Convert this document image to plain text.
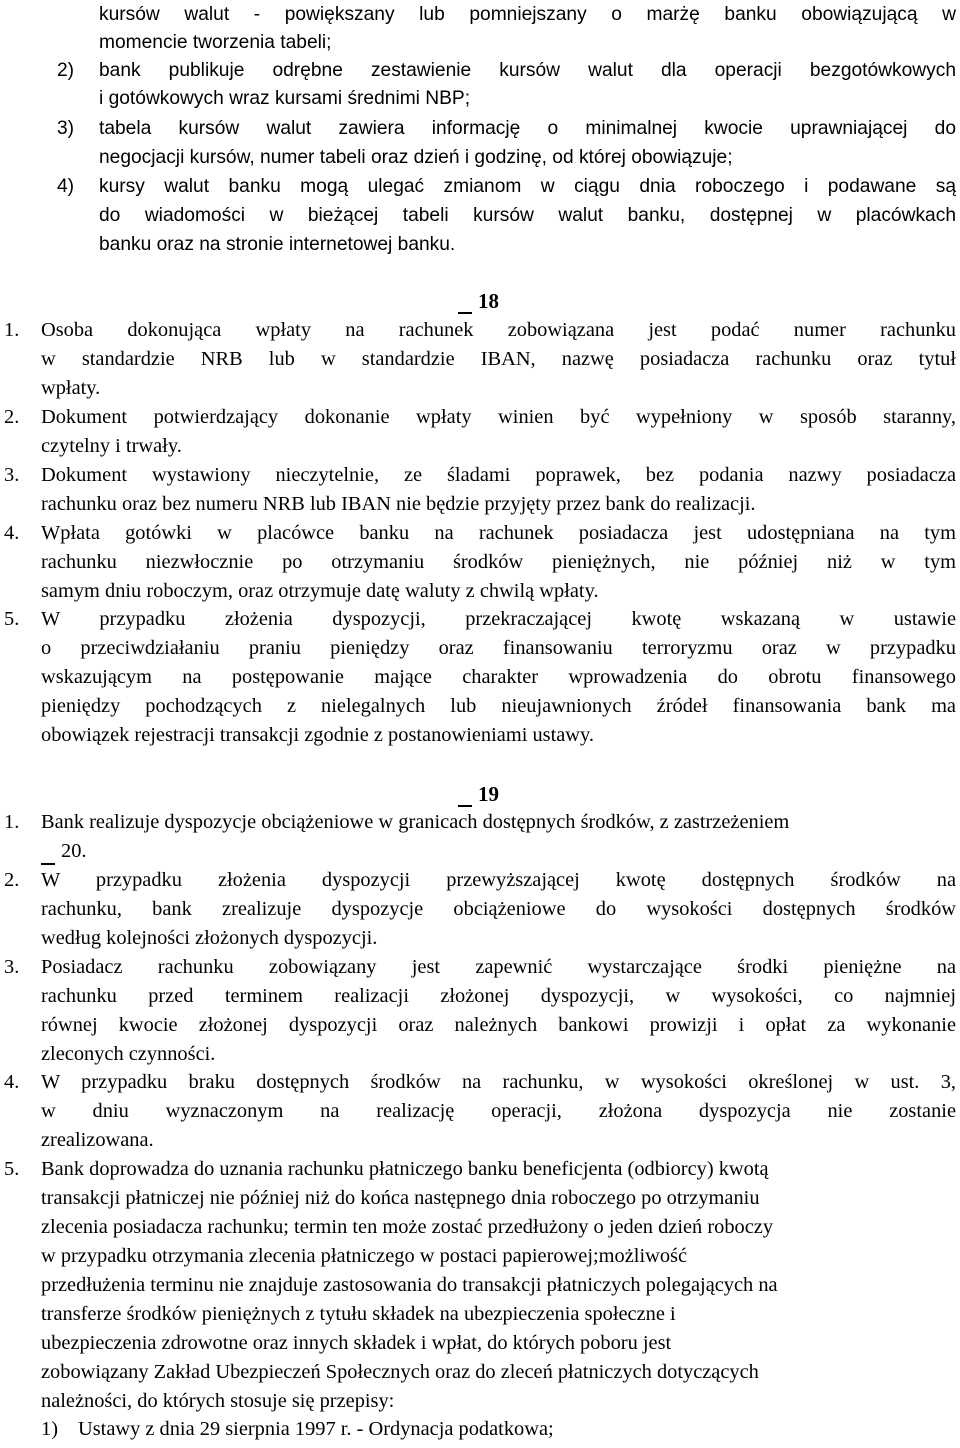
kursów walut - powiększany lub pomniejszany o marżę banku obowiązującą w
momencie tworzenia tabeli;
2) bank publikuje odrębne zestawienie kursów walut dla operacji bezgotówkowych
i gotówkowych wraz kursami średnimi NBP;
3) tabela kursów walut zawiera informację o minimalnej kwocie uprawniającej do
negocjacji kursów, numer tabeli oraz dzień i godzinę, od której obowiązuje;
4) kursy walut banku mogą ulegać zmianom w ciągu dnia roboczego i podawane są
do wiadomości w bieżącej tabeli kursów walut banku, dostępnej w placówkach
banku oraz na stronie internetowej banku.
18
1. Osoba dokonująca wpłaty na rachunek zobowiązana jest podać numer rachunku
w standardzie NRB lub w standardzie IBAN, nazwę posiadacza rachunku oraz tytuł
wpłaty.
2. Dokument potwierdzający dokonanie wpłaty winien być wypełniony w sposób staranny,
czytelny i trwały.
3. Dokument wystawiony nieczytelnie, ze śladami poprawek, bez podania nazwy posiadacza
rachunku oraz bez numeru NRB lub IBAN nie będzie przyjęty przez bank do realizacji.
4. Wpłata gotówki w placówce banku na rachunek posiadacza jest udostępniana na tym
rachunku niezwłocznie po otrzymaniu środków pieniężnych, nie później niż w tym
samym dniu roboczym, oraz otrzymuje datę waluty z chwilą wpłaty.
5. W przypadku złożenia dyspozycji, przekraczającej kwotę wskazaną w ustawie
o przeciwdziałaniu praniu pieniędzy oraz finansowaniu terroryzmu oraz w przypadku
wskazującym na postępowanie mające charakter wprowadzenia do obrotu finansowego
pieniędzy pochodzących z nielegalnych lub nieujawnionych źródeł finansowania bank ma
obowiązek rejestracji transakcji zgodnie z postanowieniami ustawy.
19
1. Bank realizuje dyspozycje obciążeniowe w granicach dostępnych środków, z zastrzeżeniem
20.
2. W przypadku złożenia dyspozycji przewyższającej kwotę dostępnych środków na
rachunku, bank zrealizuje dyspozycje obciążeniowe do wysokości dostępnych środków
według kolejności złożonych dyspozycji.
3. Posiadacz rachunku zobowiązany jest zapewnić wystarczające środki pieniężne na
rachunku przed terminem realizacji złożonej dyspozycji, w wysokości, co najmniej
równej kwocie złożonej dyspozycji oraz należnych bankowi prowizji i opłat za wykonanie
zleconych czynności.
4. W przypadku braku dostępnych środków na rachunku, w wysokości określonej w ust. 3,
w dniu wyznaczonym na realizację operacji, złożona dyspozycja nie zostanie
zrealizowana.
5. Bank doprowadza do uznania rachunku płatniczego banku beneficjenta (odbiorcy) kwotą
transakcji płatniczej nie później niż do końca następnego dnia roboczego po otrzymaniu
zlecenia posiadacza rachunku; termin ten może zostać przedłużony o jeden dzień roboczy
w przypadku otrzymania zlecenia płatniczego w postaci papierowej;możliwość
przedłużenia terminu nie znajduje zastosowania do transakcji płatniczych polegających na
transferze środków pieniężnych z tytułu składek na ubezpieczenia społeczne i
ubezpieczenia zdrowotne oraz innych składek i wpłat, do których poboru jest
zobowiązany Zakład Ubezpieczeń Społecznych oraz do zleceń płatniczych dotyczących
należności, do których stosuje się przepisy:
1) Ustawy z dnia 29 sierpnia 1997 r. - Ordynacja podatkowa;
